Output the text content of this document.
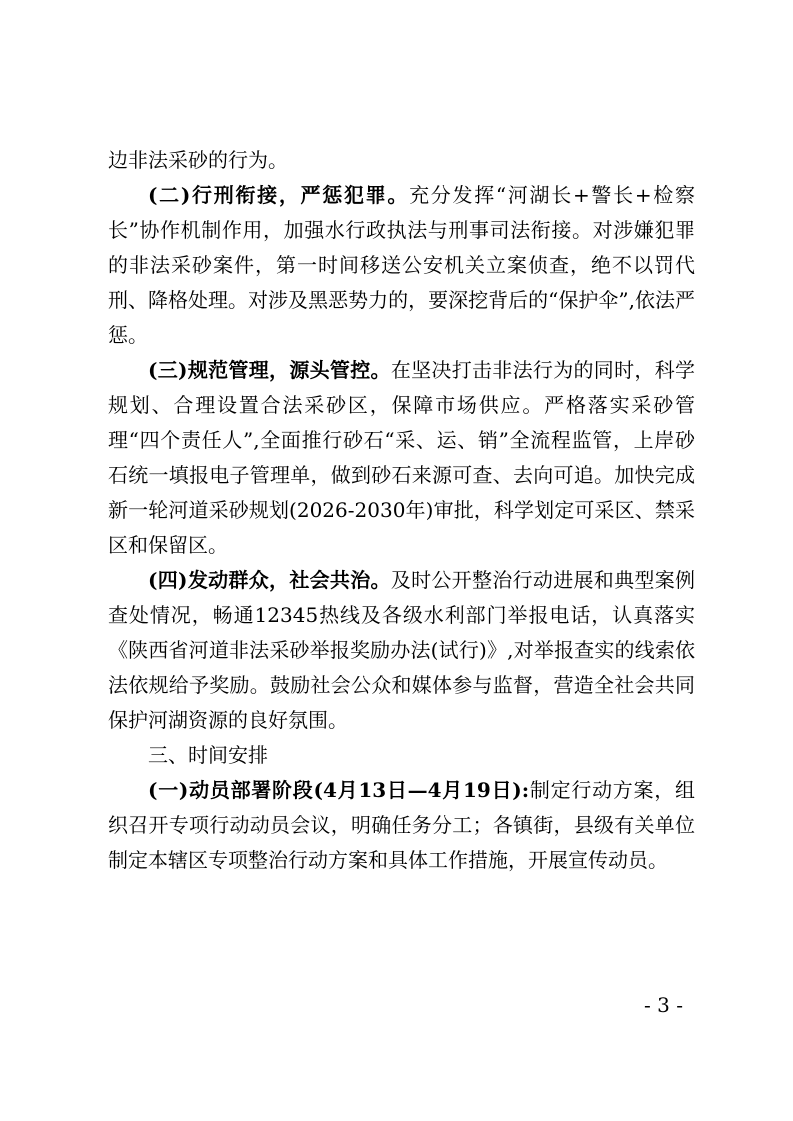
边非法采砂的行为。

(二)行刑衔接，严惩犯罪。充分发挥“河湖长+警长+检察长”协作机制作用，加强水行政执法与刑事司法衔接。对涉嫌犯罪的非法采砂案件，第一时间移送公安机关立案侦查，绝不以罚代刑、降格处理。对涉及黑恶势力的，要深挖背后的“保护伞”,依法严惩。

(三)规范管理，源头管控。在坚决打击非法行为的同时，科学规划、合理设置合法采砂区，保障市场供应。严格落实采砂管理“四个责任人”,全面推行砂石“采、运、销”全流程监管，上岸砂石统一填报电子管理单，做到砂石来源可查、去向可追。加快完成新一轮河道采砂规划(2026-2030年)审批，科学划定可采区、禁采区和保留区。

(四)发动群众，社会共治。及时公开整治行动进展和典型案例查处情况，畅通12345热线及各级水利部门举报电话，认真落实《陕西省河道非法采砂举报奖励办法(试行)》,对举报查实的线索依法依规给予奖励。鼓励社会公众和媒体参与监督，营造全社会共同保护河湖资源的良好氛围。

三、时间安排

(一)动员部署阶段(4月13日—4月19日):制定行动方案，组织召开专项行动动员会议，明确任务分工；各镇街，县级有关单位制定本辖区专项整治行动方案和具体工作措施，开展宣传动员。

- 3 -
